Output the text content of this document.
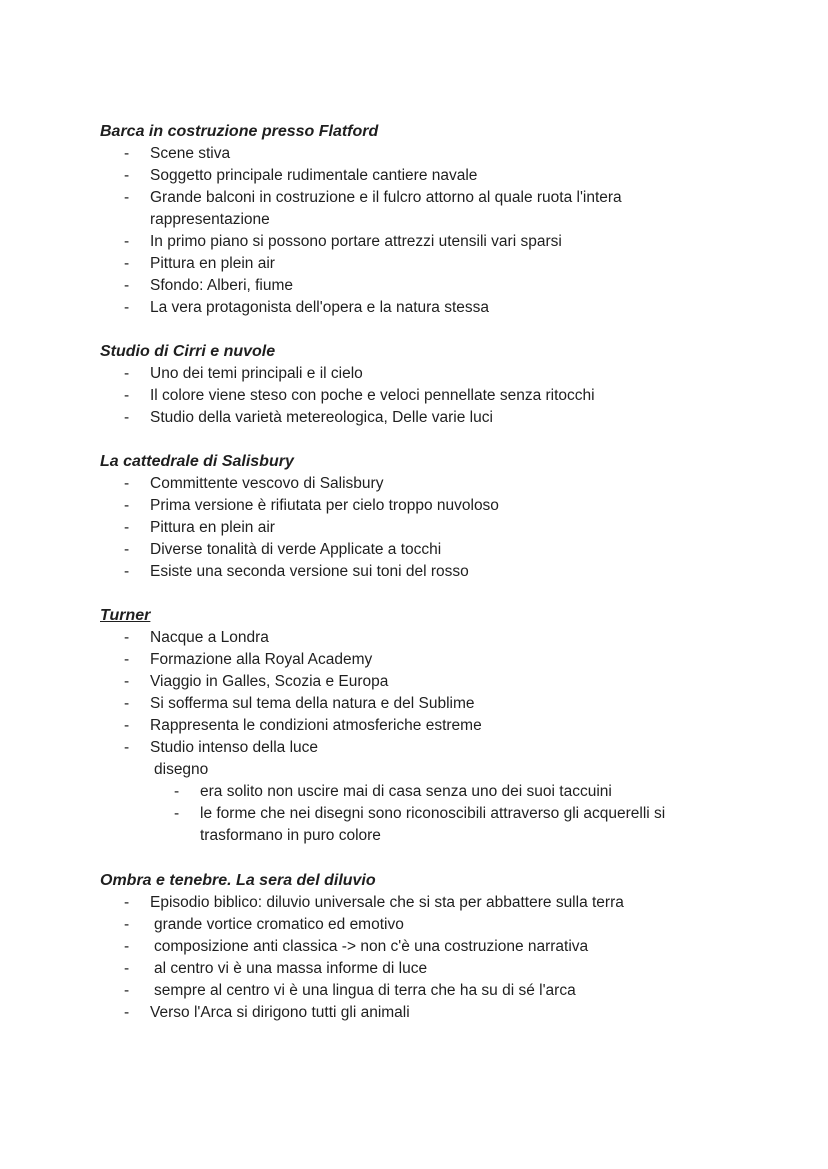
Barca in costruzione presso Flatford
- Scene stiva
- Soggetto principale rudimentale cantiere navale
- Grande balconi in costruzione e il fulcro attorno al quale ruota l'intera rappresentazione
- In primo piano si possono portare attrezzi utensili vari sparsi
- Pittura en plein air
- Sfondo: Alberi, fiume
- La vera protagonista dell'opera e la natura stessa
Studio di Cirri e nuvole
- Uno dei temi principali e il cielo
- Il colore viene steso con poche e veloci pennellate senza ritocchi
- Studio della varietà metereologica, Delle varie luci
La cattedrale di Salisbury
- Committente vescovo di Salisbury
- Prima versione è rifiutata per cielo troppo nuvoloso
- Pittura en plein air
- Diverse tonalità di verde Applicate a tocchi
- Esiste una seconda versione sui toni del rosso
Turner
- Nacque a Londra
- Formazione alla Royal Academy
- Viaggio in Galles, Scozia e Europa
- Si sofferma sul tema della natura e del Sublime
- Rappresenta le condizioni atmosferiche estreme
- Studio intenso della luce
disegno
- era solito non uscire mai di casa senza uno dei suoi taccuini
- le forme che nei disegni sono riconoscibili attraverso gli acquerelli si trasformano in puro colore
Ombra e tenebre. La sera del diluvio
- Episodio biblico: diluvio universale che si sta per abbattere sulla terra
- grande vortice cromatico ed emotivo
- composizione anti classica -> non c'è una costruzione narrativa
- al centro vi è una massa informe di luce
- sempre al centro vi è una lingua di terra che ha su di sé l'arca
- Verso l'Arca si dirigono tutti gli animali
